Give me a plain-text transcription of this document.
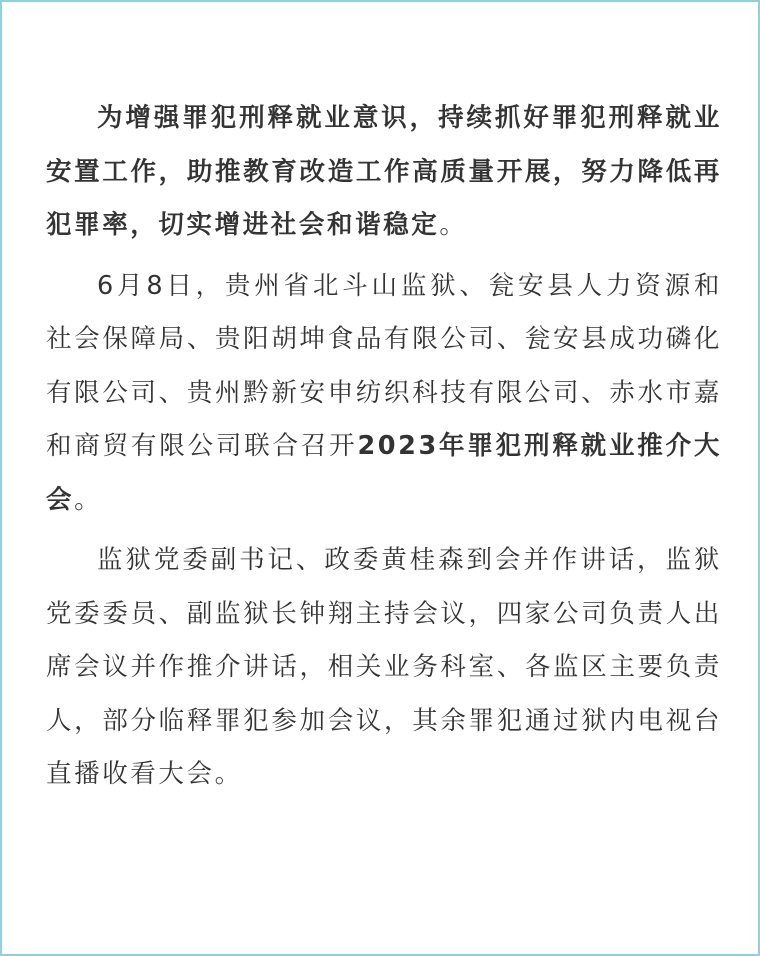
为增强罪犯刑释就业意识，持续抓好罪犯刑释就业安置工作，助推教育改造工作高质量开展，努力降低再犯罪率，切实增进社会和谐稳定。

6月8日，贵州省北斗山监狱、瓮安县人力资源和社会保障局、贵阳胡坤食品有限公司、瓮安县成功磷化有限公司、贵州黔新安申纺织科技有限公司、赤水市嘉和商贸有限公司联合召开2023年罪犯刑释就业推介大会。

监狱党委副书记、政委黄桂森到会并作讲话，监狱党委委员、副监狱长钟翔主持会议，四家公司负责人出席会议并作推介讲话，相关业务科室、各监区主要负责人，部分临释罪犯参加会议，其余罪犯通过狱内电视台直播收看大会。
